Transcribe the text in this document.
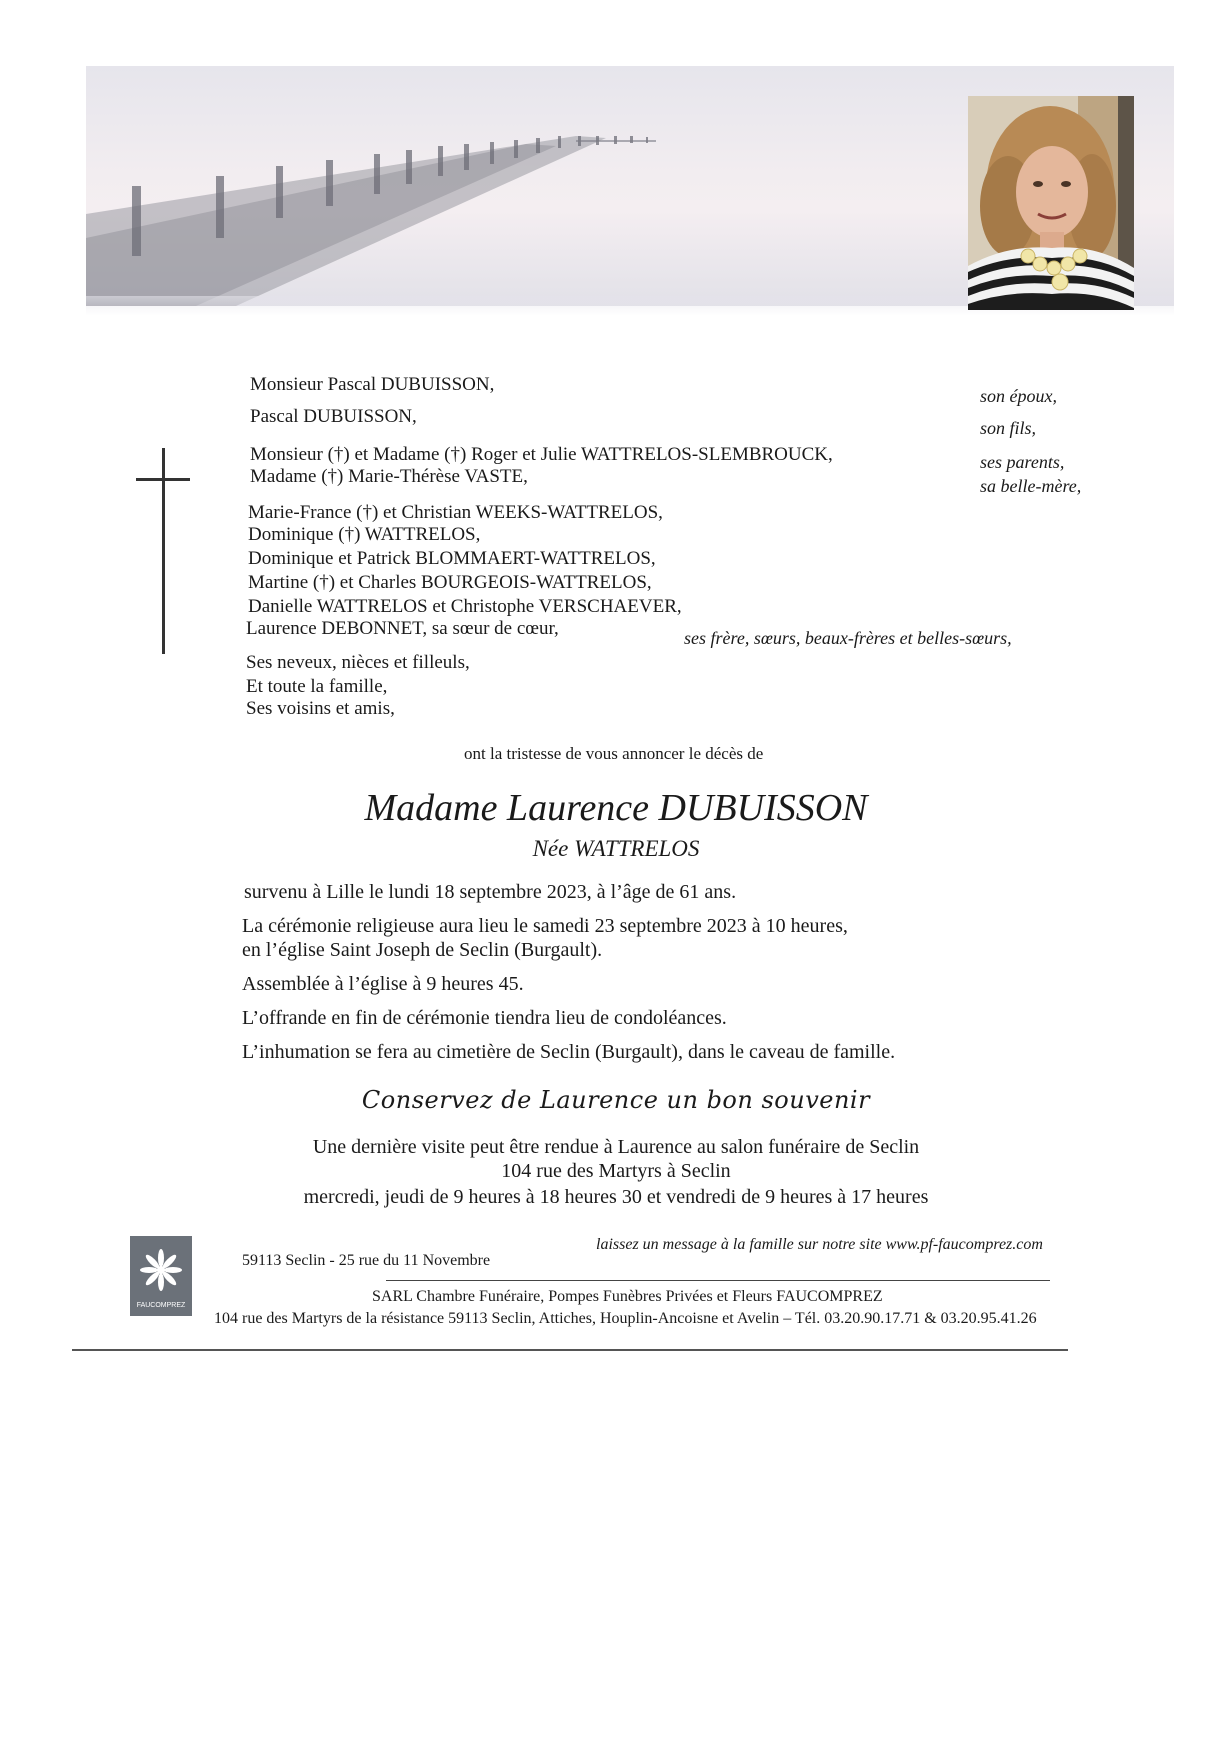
Monsieur Pascal DUBUISSON,
Pascal DUBUISSON,
Monsieur (†) et Madame (†) Roger et Julie WATTRELOS-SLEMBROUCK,
Madame (†) Marie-Thérèse VASTE,
Marie-France (†) et Christian WEEKS-WATTRELOS,
Dominique (†) WATTRELOS,
Dominique et Patrick BLOMMAERT-WATTRELOS,
Martine (†) et Charles BOURGEOIS-WATTRELOS,
Danielle WATTRELOS et Christophe VERSCHAEVER,
Laurence DEBONNET, sa sœur de cœur,
Ses neveux, nièces et filleuls,
Et toute la famille,
Ses voisins et amis,
son époux,
son fils,
ses parents,
sa belle-mère,
ses frère, sœurs, beaux-frères et belles-sœurs,
ont la tristesse de vous annoncer le décès de
Madame Laurence DUBUISSON
Née WATTRELOS
survenu à Lille le lundi 18 septembre 2023, à l’âge de 61 ans.
La cérémonie religieuse aura lieu le samedi 23 septembre 2023 à 10 heures,
en l’église Saint Joseph de Seclin (Burgault).
Assemblée à l’église à 9 heures 45.
L’offrande en fin de cérémonie tiendra lieu de condoléances.
L’inhumation se fera au cimetière de Seclin (Burgault), dans le caveau de famille.
Conservez de Laurence un bon souvenir
Une dernière visite peut être rendue à Laurence au salon funéraire de Seclin
104 rue des Martyrs à Seclin
mercredi, jeudi de 9 heures à 18 heures 30 et vendredi de 9 heures à 17 heures
FAUCOMPREZ
laissez un message à la famille sur notre site www.pf-faucomprez.com
59113 Seclin - 25 rue du 11 Novembre
SARL Chambre Funéraire, Pompes Funèbres Privées et Fleurs FAUCOMPREZ
104 rue des Martyrs de la résistance 59113 Seclin, Attiches, Houplin-Ancoisne et Avelin – Tél. 03.20.90.17.71 & 03.20.95.41.26
